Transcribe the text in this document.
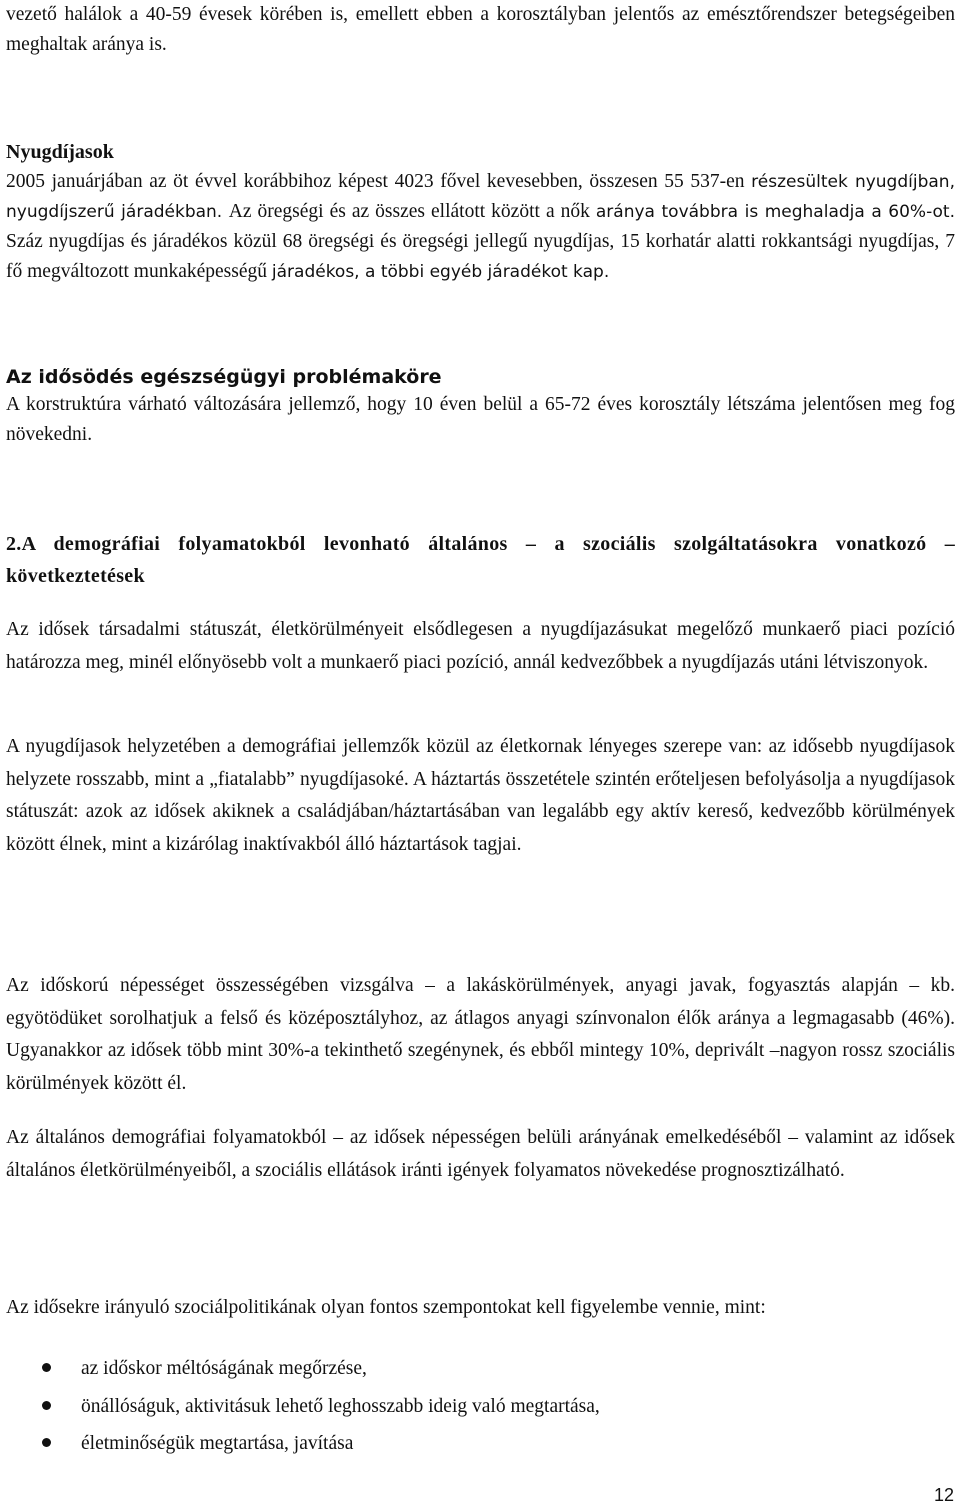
vezető halálok a 40-59 évesek körében is, emellett ebben a korosztályban jelentős az emésztőrendszer betegségeiben meghaltak aránya is.

Nyugdíjasok

2005 januárjában az öt évvel korábbihoz képest 4023 fővel kevesebben, összesen 55 537-en részesültek nyugdíjban, nyugdíjszerű járadékban. Az öregségi és az összes ellátott között a nők aránya továbbra is meghaladja a 60%-ot. Száz nyugdíjas és járadékos közül 68 öregségi és öregségi jellegű nyugdíjas, 15 korhatár alatti rokkantsági nyugdíjas, 7 fő megváltozott munkaképességű járadékos, a többi egyéb járadékot kap.

Az idősödés egészségügyi problémaköre

A korstruktúra várható változására jellemző, hogy 10 éven belül a 65-72 éves korosztály létszáma jelentősen meg fog növekedni.

2.A demográfiai folyamatokból levonható általános – a szociális szolgáltatásokra vonatkozó – következtetések

Az idősek társadalmi státuszát, életkörülményeit elsődlegesen a nyugdíjazásukat megelőző munkaerő piaci pozíció határozza meg, minél előnyösebb volt a munkaerő piaci pozíció, annál kedvezőbbek a nyugdíjazás utáni létviszonyok.

A nyugdíjasok helyzetében a demográfiai jellemzők közül az életkornak lényeges szerepe van: az idősebb nyugdíjasok helyzete rosszabb, mint a „fiatalabb” nyugdíjasoké. A háztartás összetétele szintén erőteljesen befolyásolja a nyugdíjasok státuszát: azok az idősek akiknek a családjában/háztartásában van legalább egy aktív kereső, kedvezőbb körülmények között élnek, mint a kizárólag inaktívakból álló háztartások tagjai.

Az időskorú népességet összességében vizsgálva – a lakáskörülmények, anyagi javak, fogyasztás alapján – kb. egyötödüket sorolhatjuk a felső és középosztályhoz, az átlagos anyagi színvonalon élők aránya a legmagasabb (46%). Ugyanakkor az idősek több mint 30%-a tekinthető szegénynek, és ebből mintegy 10%, deprivált –nagyon rossz szociális körülmények között él.

Az általános demográfiai folyamatokból – az idősek népességen belüli arányának emelkedéséből – valamint az idősek általános életkörülményeiből, a szociális ellátások iránti igények folyamatos növekedése prognosztizálható.

Az idősekre irányuló szociálpolitikának olyan fontos szempontokat kell figyelembe vennie, mint:

az időskor méltóságának megőrzése,
önállóságuk, aktivitásuk lehető leghosszabb ideig való megtartása,
életminőségük megtartása, javítása
12
